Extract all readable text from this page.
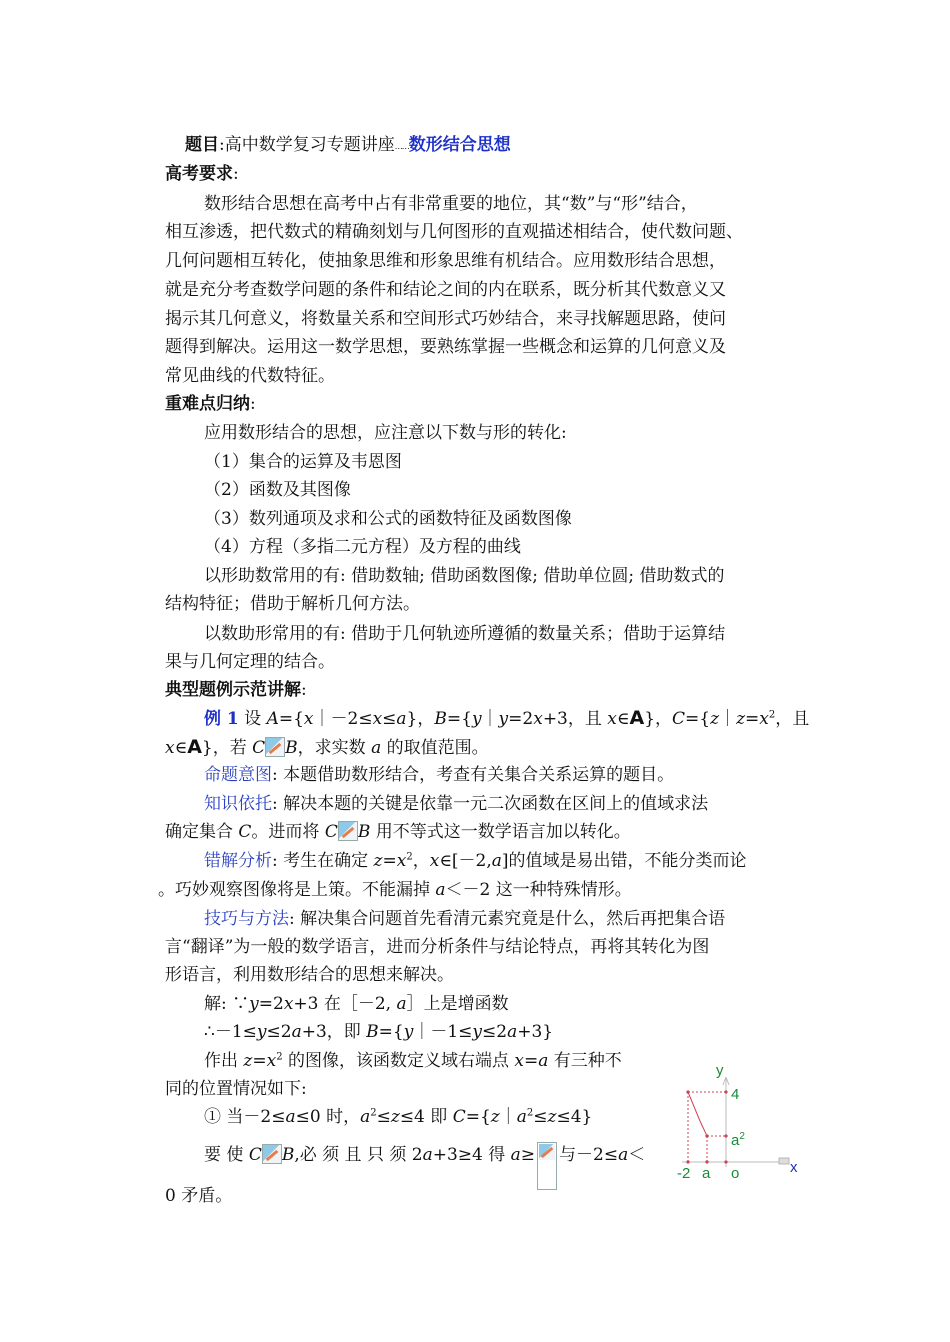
题目:高中数学复习专题讲座……数形结合思想
高考要求:
数形结合思想在高考中占有非常重要的地位，其“数”与“形”结合，
相互渗透，把代数式的精确刻划与几何图形的直观描述相结合，使代数问题、
几何问题相互转化，使抽象思维和形象思维有机结合。应用数形结合思想，
就是充分考查数学问题的条件和结论之间的内在联系，既分析其代数意义又
揭示其几何意义，将数量关系和空间形式巧妙结合，来寻找解题思路，使问
题得到解决。运用这一数学思想，要熟练掌握一些概念和运算的几何意义及
常见曲线的代数特征。
重难点归纳:
应用数形结合的思想，应注意以下数与形的转化:
（1）集合的运算及韦恩图
（2）函数及其图像
（3）数列通项及求和公式的函数特征及函数图像
（4）方程（多指二元方程）及方程的曲线
以形助数常用的有: 借助数轴; 借助函数图像; 借助单位圆; 借助数式的
结构特征；借助于解析几何方法。
以数助形常用的有: 借助于几何轨迹所遵循的数量关系；借助于运算结
果与几何定理的结合。
典型题例示范讲解:
例 1 设 A={x｜－2≤x≤a}，B={y｜y=2x+3，且 x∈A}，$C=\{z|z=x^2$，且
x∈A}，若 C B，求实数 a 的取值范围。
命题意图: 本题借助数形结合，考查有关集合关系运算的题目。
知识依托: 解决本题的关键是依靠一元二次函数在区间上的值域求法
确定集合 C。进而将 C B 用不等式这一数学语言加以转化。
错解分析: 考生在确定 $z=x^2$，x∈[－2,a]的值域是易出错，不能分类而论
。巧妙观察图像将是上策。不能漏掉 a＜－2 这一种特殊情形。
技巧与方法: 解决集合问题首先看清元素究竟是什么，然后再把集合语
言“翻译”为一般的数学语言，进而分析条件与结论特点，再将其转化为图
形语言，利用数形结合的思想来解决。
解: ∵y=2x+3 在［－2, a］上是增函数
∴－1≤y≤2a+3，即 B={y｜－1≤y≤2a+3}
作出 $z=x^2$ 的图像，该函数定义域右端点 x=a 有三种不
同的位置情况如下:
① 当－2≤a≤0 时，$a^2\le z\le 4$ 即 $C=\{z|a^2\le z\le 4\}$
要 使 C B,必 须 且 只 须 2a+3≥4 得 a≥ 与－2≤a＜
0 矛盾。
y
4
$a^2$
-2 a o	x
